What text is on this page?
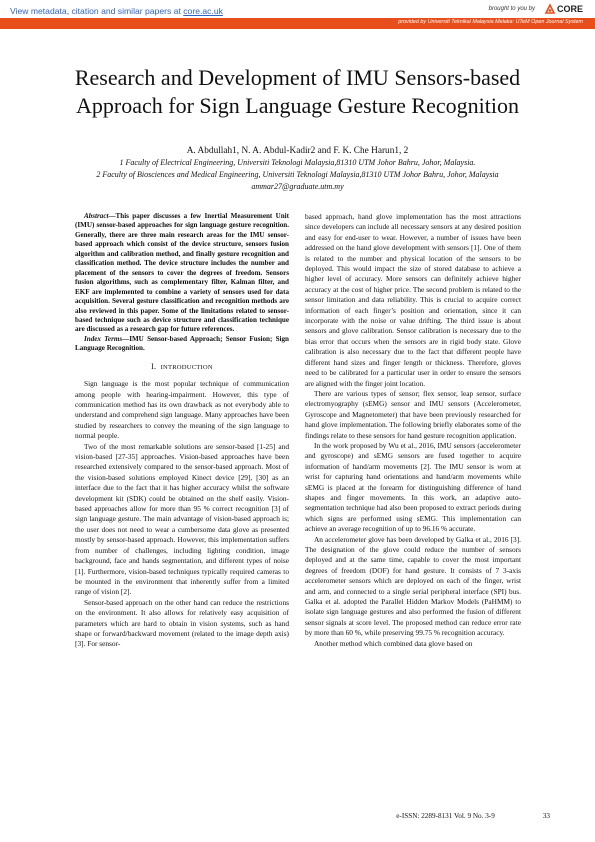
View metadata, citation and similar papers at core.ac.uk	brought to you by	CORE
provided by Universiti Teknikal Malaysia Melaka: UTeM Open Journal System
Research and Development of IMU Sensors-based
Approach for Sign Language Gesture Recognition
A. Abdullah1, N. A. Abdul-Kadir2 and F. K. Che Harun1, 2
1 Faculty of Electrical Engineering, Universiti Teknologi Malaysia,81310 UTM Johor Bahru, Johor, Malaysia.
2 Faculty of Biosciences and Medical Engineering, Universiti Teknologi Malaysia,81310 UTM Johor Bahru, Johor, Malaysia
ammar27@graduate.utm.my

Abstract—This paper discusses a few Inertial Measurement Unit (IMU) sensor-based approaches for sign language gesture recognition. Generally, there are three main research areas for the IMU sensor-based approach which consist of the device structure, sensors fusion algorithm and calibration method, and finally gesture recognition and classification method. The device structure includes the number and placement of the sensors to cover the degrees of freedom. Sensors fusion algorithms, such as complementary filter, Kalman filter, and EKF are implemented to combine a variety of sensors used for data acquisition. Several gesture classification and recognition methods are also reviewed in this paper. Some of the limitations related to sensor-based technique such as device structure and classification technique are discussed as a research gap for future references.

Index Terms—IMU Sensor-based Approach; Sensor Fusion; Sign Language Recognition.

I. INTRODUCTION

Sign language is the most popular technique of communication among people with hearing-impairment. However, this type of communication method has its own drawback as not everybody able to understand and comprehend sign language. Many approaches have been studied by researchers to convey the meaning of the sign language to normal people.

Two of the most remarkable solutions are sensor-based [1-25] and vision-based [27-35] approaches. Vision-based approaches have been researched extensively compared to the sensor-based approach. Most of the vision-based solutions employed Kinect device [29], [30] as an interface due to the fact that it has higher accuracy whilst the software development kit (SDK) could be obtained on the shelf easily. Vision-based approaches allow for more than 95 % correct recognition [3] of sign language gesture. The main advantage of vision-based approach is; the user does not need to wear a cumbersome data glove as presented mostly by sensor-based approach. However, this implementation suffers from number of challenges, including lighting condition, image background, face and hands segmentation, and different types of noise [1]. Furthermore, vision-based techniques typically required cameras to be mounted in the environment that inherently suffer from a limited range of vision [2].

Sensor-based approach on the other hand can reduce the restrictions on the environment. It also allows for relatively easy acquisition of parameters which are hard to obtain in vision systems, such as hand shape or forward/backward movement (related to the image depth axis) [3]. For sensor-

based approach, hand glove implementation has the most attractions since developers can include all necessary sensors at any desired position and easy for end-user to wear. However, a number of issues have been addressed on the hand glove development with sensors [1]. One of them is related to the number and physical location of the sensors to be deployed. This would impact the size of stored database to achieve a higher level of accuracy. More sensors can definitely achieve higher accuracy at the cost of higher price. The second problem is related to the sensor limitation and data reliability. This is crucial to acquire correct information of each finger’s position and orientation, since it can incorporate with the noise or value drifting. The third issue is about sensors and glove calibration. Sensor calibration is necessary due to the bias error that occurs when the sensors are in rigid body state. Glove calibration is also necessary due to the fact that different people have different hand sizes and finger length or thickness. Therefore, gloves need to be calibrated for a particular user in order to ensure the sensors are aligned with the finger joint location.

There are various types of sensor; flex sensor, leap sensor, surface electromyography (sEMG) sensor and IMU sensors (Accelerometer, Gyroscope and Magnetometer) that have been previously researched for hand glove implementation. The following briefly elaborates some of the findings relate to these sensors for hand gesture recognition application.

In the work proposed by Wu et al., 2016, IMU sensors (accelerometer and gyroscope) and sEMG sensors are fused together to acquire information of hand/arm movements [2]. The IMU sensor is worn at wrist for capturing hand orientations and hand/arm movements while sEMG is placed at the forearm for distinguishing difference of hand shapes and finger movements. In this work, an adaptive auto-segmentation technique had also been proposed to extract periods during which signs are performed using sEMG. This implementation can achieve an average recognition of up to 96.16 % accurate.

An accelerometer glove has been developed by Galka et al., 2016 [3]. The designation of the glove could reduce the number of sensors deployed and at the same time, capable to cover the most important degrees of freedom (DOF) for hand gesture. It consists of 7 3-axis accelerometer sensors which are deployed on each of the finger, wrist and arm, and connected to a single serial peripheral interface (SPI) bus. Galka et al. adopted the Parallel Hidden Markov Models (PaHMM) to isolate sign language gestures and also performed the fusion of different sensor signals at score level. The proposed method can reduce error rate by more than 60 %, while preserving 99.75 % recognition accuracy.

Another method which combined data glove based on

e-ISSN: 2289-8131 Vol. 9 No. 3-9	33
